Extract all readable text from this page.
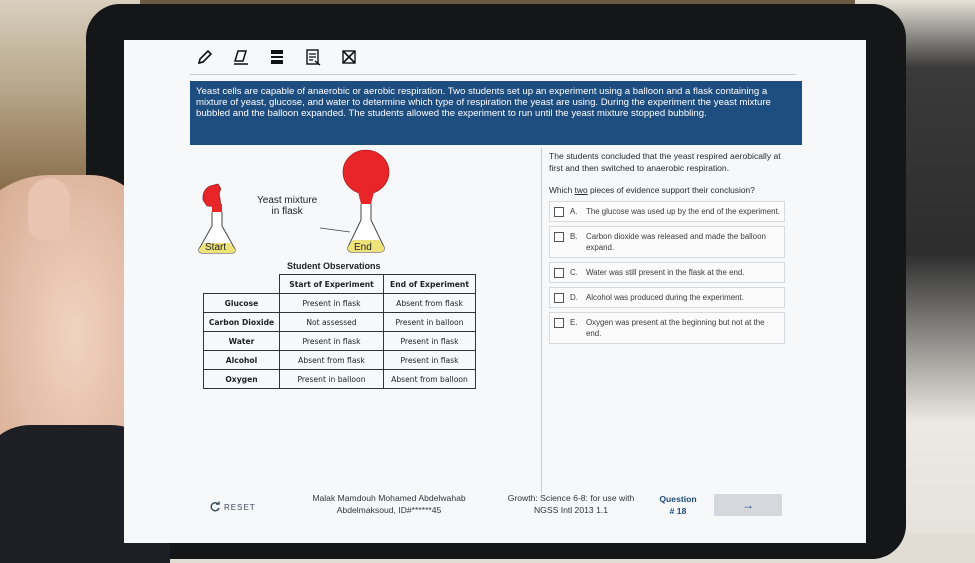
Yeast cells are capable of anaerobic or aerobic respiration. Two students set up an experiment using a balloon and a flask containing a mixture of yeast, glucose, and water to determine which type of respiration the yeast are using. During the experiment the yeast mixture bubbled and the balloon expanded. The students allowed the experiment to run until the yeast mixture stopped bubbling.
Yeast mixture
in flask
Start	End
Student Observations
	Start of Experiment	End of Experiment
Glucose	Present in flask	Absent from flask
Carbon Dioxide	Not assessed	Present in balloon
Water	Present in flask	Present in flask
Alcohol	Absent from flask	Present in flask
Oxygen	Present in balloon	Absent from balloon
The students concluded that the yeast respired aerobically at first and then switched to anaerobic respiration.
Which two pieces of evidence support their conclusion?
A.	The glucose was used up by the end of the experiment.
B.	Carbon dioxide was released and made the balloon expand.
C. Water was still present in the flask at the end.
D. Alcohol was produced during the experiment.
E.	Oxygen was present at the beginning but not at the end.
RESET
Malak Mamdouh Mohamed Abdelwahab
Abdelmaksoud, ID#******45
Growth: Science 6-8: for use with
NGSS Intl 2013 1.1
Question
# 18	→
